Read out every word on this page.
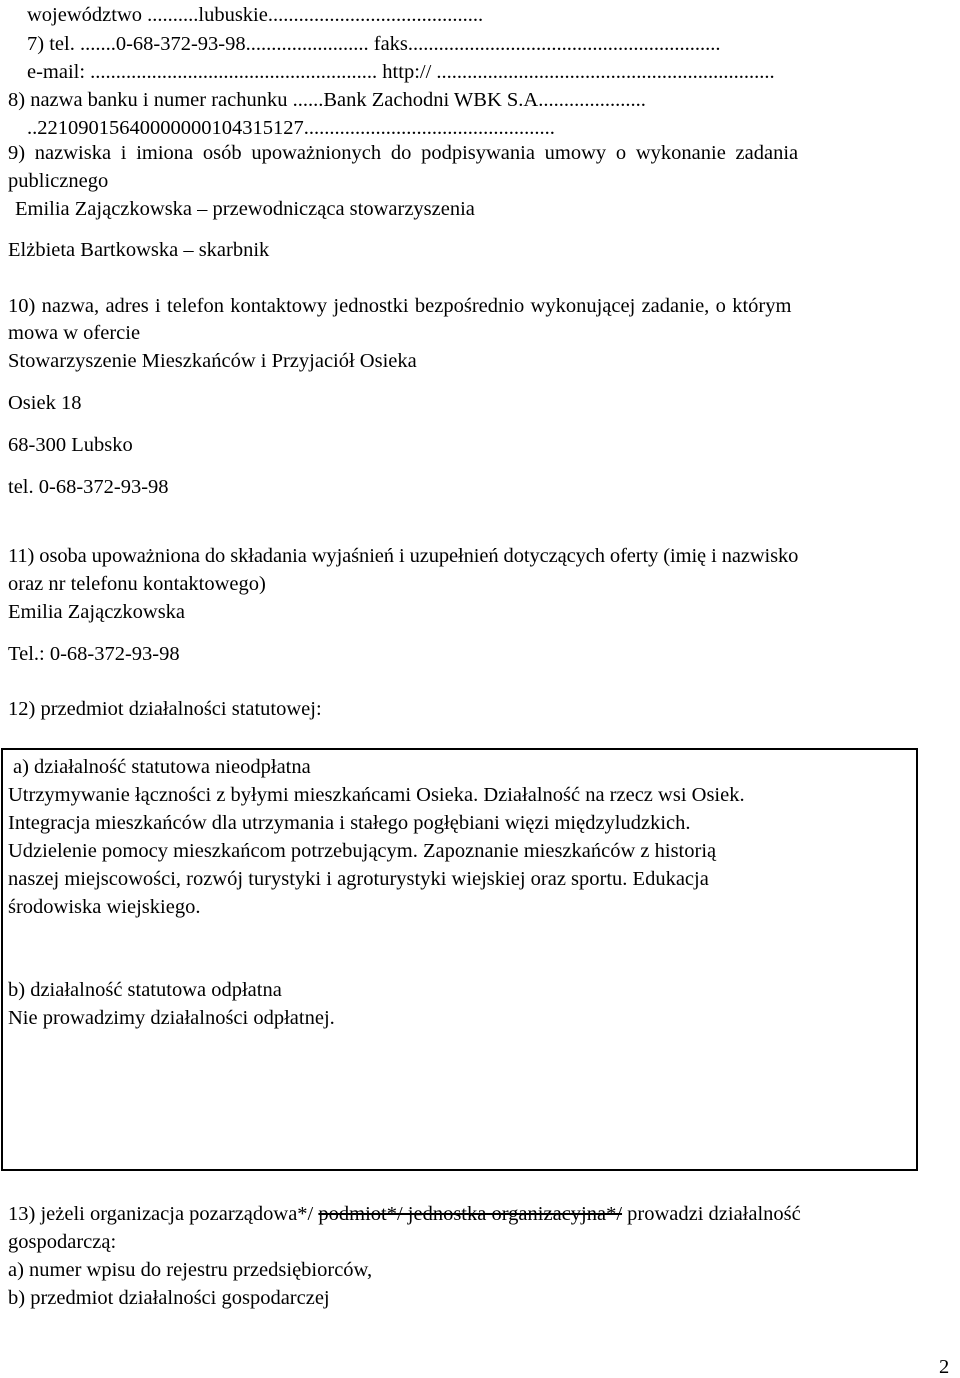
województwo ..........lubuskie..........................................
7) tel. .......0-68-372-93-98........................ faks.............................................................
e-mail: ........................................................ http:// ..................................................................
8) nazwa banku i numer rachunku ......Bank Zachodni WBK S.A.....................
..22109015640000000104315127.................................................
9) nazwiska i imiona osób upoważnionych do podpisywania umowy o wykonanie zadania
publicznego
Emilia Zajączkowska – przewodnicząca stowarzyszenia
Elżbieta Bartkowska – skarbnik
10) nazwa, adres i telefon kontaktowy jednostki bezpośrednio wykonującej zadanie, o którym
mowa w ofercie
Stowarzyszenie Mieszkańców i Przyjaciół Osieka
Osiek 18
68-300 Lubsko
tel. 0-68-372-93-98
11) osoba upoważniona do składania wyjaśnień i uzupełnień dotyczących oferty (imię i nazwisko
oraz nr telefonu kontaktowego)
Emilia Zajączkowska
Tel.: 0-68-372-93-98
12) przedmiot działalności statutowej:
a) działalność statutowa nieodpłatna
Utrzymywanie łączności z byłymi mieszkańcami Osieka. Działalność na rzecz wsi Osiek.
Integracja mieszkańców dla utrzymania i stałego pogłębiani więzi międzyludzkich.
Udzielenie pomocy mieszkańcom potrzebującym. Zapoznanie mieszkańców z historią
naszej miejscowości, rozwój turystyki i agroturystyki wiejskiej oraz sportu. Edukacja
środowiska wiejskiego.
b) działalność statutowa odpłatna
Nie prowadzimy działalności odpłatnej.
13) jeżeli organizacja pozarządowa*/ podmiot*/ jednostka organizacyjna*/ prowadzi działalność
gospodarczą:
a) numer wpisu do rejestru przedsiębiorców,
b) przedmiot działalności gospodarczej
2
